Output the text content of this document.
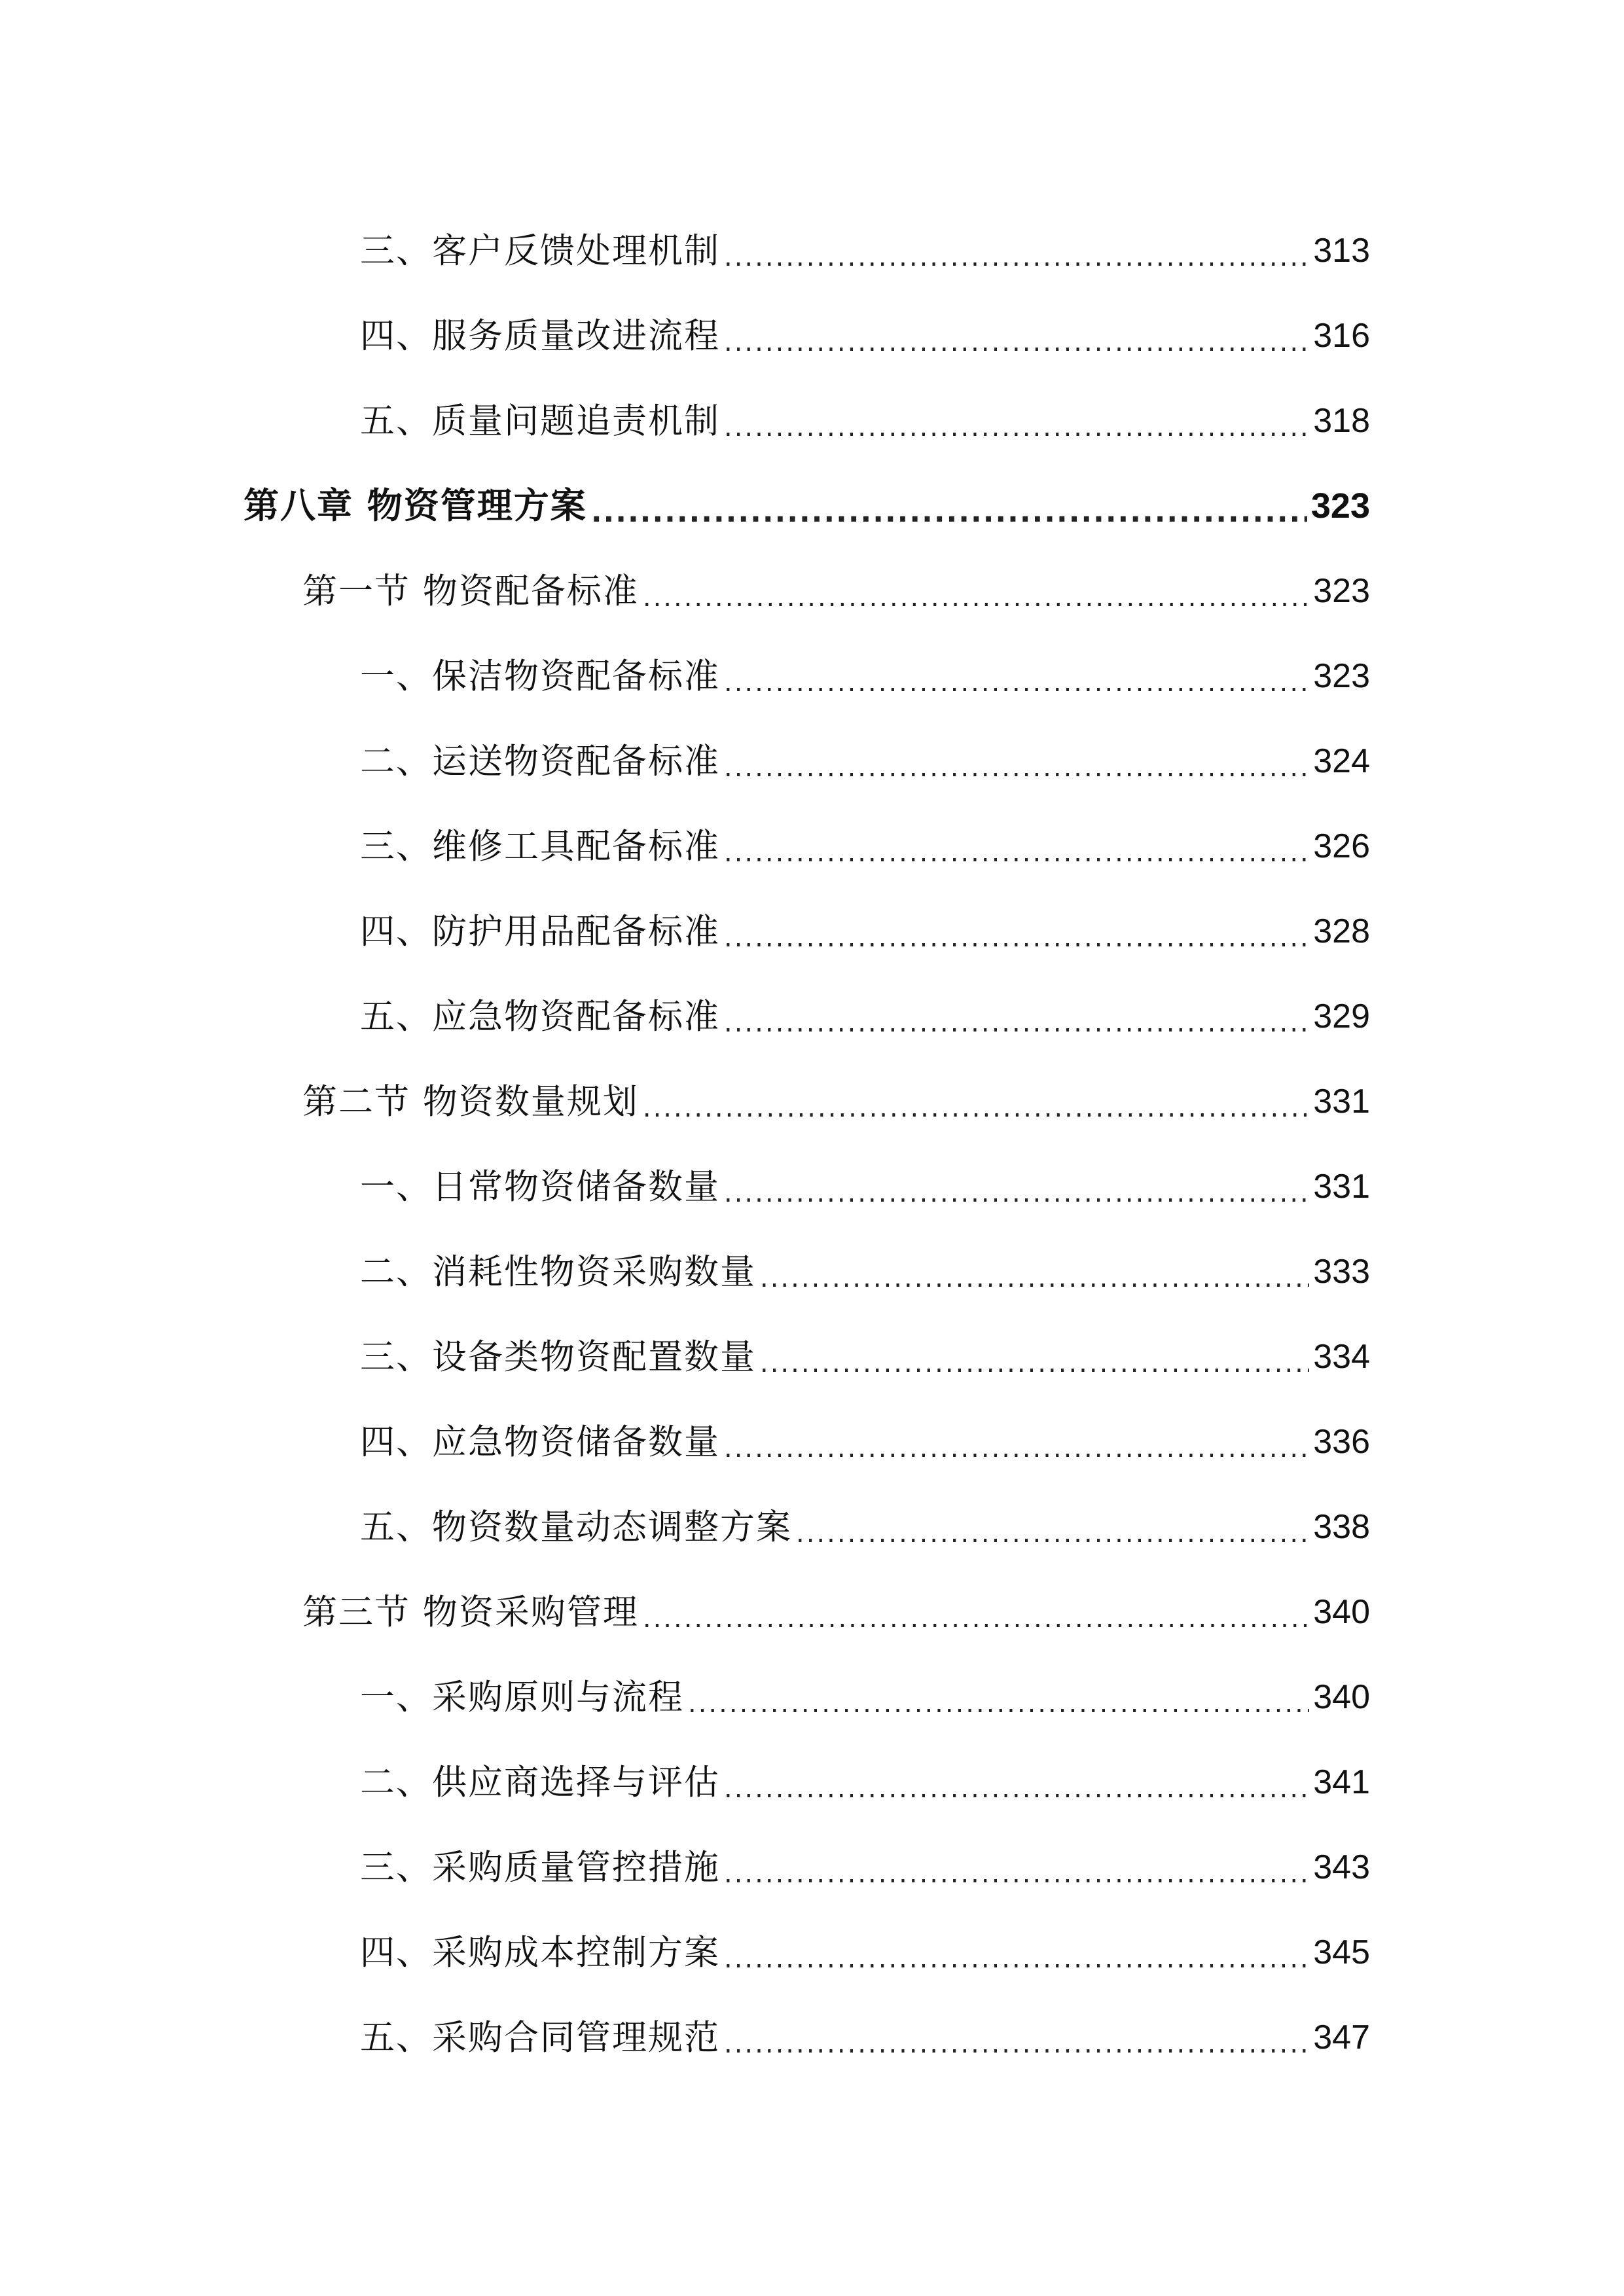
三、客户反馈处理机制 .....	313
四、服务质量改进流程 .....	316
五、质量问题追责机制 .....	318
第八章 物资管理方案 .....	323
第一节 物资配备标准 .....	323
一、保洁物资配备标准 .....	323
二、运送物资配备标准 .....	324
三、维修工具配备标准 .....	326
四、防护用品配备标准 .....	328
五、应急物资配备标准 .....	329
第二节 物资数量规划 .....	331
一、日常物资储备数量 .....	331
二、消耗性物资采购数量 .....	333
三、设备类物资配置数量 .....	334
四、应急物资储备数量 .....	336
五、物资数量动态调整方案 .....	338
第三节 物资采购管理 .....	340
一、采购原则与流程 .....	340
二、供应商选择与评估 .....	341
三、采购质量管控措施 .....	343
四、采购成本控制方案 .....	345
五、采购合同管理规范 .....	347
